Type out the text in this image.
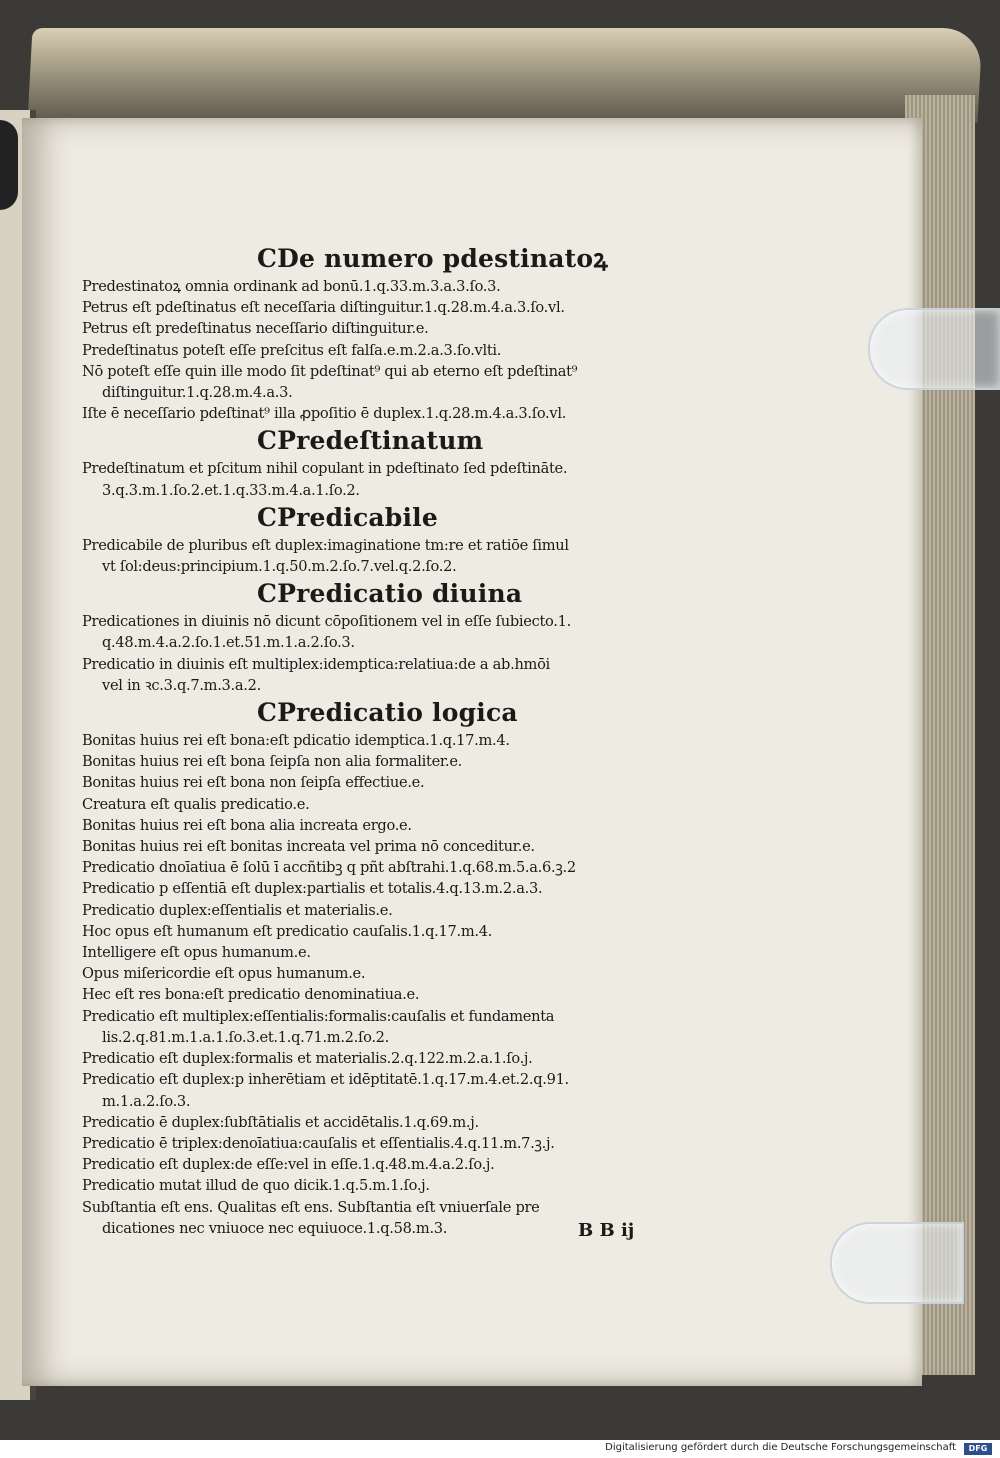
CDe numero pdestinatoꝝ
Predestinatoꝝ omnia ordinank ad bonū.1.q.33.m.3.a.3.ſo.3.
Petrus eſt pdeſtinatus eſt neceſſaria diſtinguitur.1.q.28.m.4.a.3.ſo.vl.
Petrus eſt predeſtinatus neceſſario diſtinguitur.e.
Predeſtinatus poteſt eſſe preſcitus eſt falſa.e.m.2.a.3.ſo.vlti.
Nō poteſt eſſe quin ille modo ſit pdeſtinat⁹ qui ab eterno eſt pdeſtinat⁹
diſtinguitur.1.q.28.m.4.a.3.
Iſte ē neceſſario pdeſtinat⁹ illa ꝓpoſitio ē duplex.1.q.28.m.4.a.3.ſo.vl.
CPredeſtinatum
Predeſtinatum et pſcitum nihil copulant in pdeſtinato ſed pdeſtināte.
3.q.3.m.1.ſo.2.et.1.q.33.m.4.a.1.ſo.2.
CPredicabile
Predicabile de pluribus eſt duplex:imaginatione tm:re et ratiōe ſimul
vt ſol:deus:principium.1.q.50.m.2.ſo.7.vel.q.2.ſo.2.
CPredicatio diuina
Predicationes in diuinis nō dicunt cōpoſitionem vel in eſſe ſubiecto.1.
q.48.m.4.a.2.ſo.1.et.51.m.1.a.2.ſo.3.
Predicatio in diuinis eſt multiplex:idemptica:relatiua:de a ab.hmōi
vel in ꝛc.3.q.7.m.3.a.2.
CPredicatio logica
Bonitas huius rei eſt bona:eſt pdicatio idemptica.1.q.17.m.4.
Bonitas huius rei eſt bona ſeipſa non alia formaliter.e.
Bonitas huius rei eſt bona non ſeipſa effectiue.e.
Creatura eſt qualis predicatio.e.
Bonitas huius rei eſt bona alia increata ergo.e.
Bonitas huius rei eſt bonitas increata vel prima nō conceditur.e.
Predicatio dnoīatiua ē ſolū ī accñtibꝫ q pñt abſtrahi.1.q.68.m.5.a.6.ꝫ.2
Predicatio p eſſentiā eſt duplex:partialis et totalis.4.q.13.m.2.a.3.
Predicatio duplex:eſſentialis et materialis.e.
Hoc opus eſt humanum eſt predicatio cauſalis.1.q.17.m.4.
Intelligere eſt opus humanum.e.
Opus miſericordie eſt opus humanum.e.
Hec eſt res bona:eſt predicatio denominatiua.e.
Predicatio eſt multiplex:eſſentialis:formalis:cauſalis et fundamenta
lis.2.q.81.m.1.a.1.ſo.3.et.1.q.71.m.2.ſo.2.
Predicatio eſt duplex:formalis et materialis.2.q.122.m.2.a.1.ſo.j.
Predicatio eſt duplex:p inherētiam et idēptitatē.1.q.17.m.4.et.2.q.91.
m.1.a.2.ſo.3.
Predicatio ē duplex:ſubſtātialis et accidētalis.1.q.69.m.j.
Predicatio ē triplex:denoīatiua:cauſalis et eſſentialis.4.q.11.m.7.ꝫ.j.
Predicatio eſt duplex:de eſſe:vel in eſſe.1.q.48.m.4.a.2.ſo.j.
Predicatio mutat illud de quo dicik.1.q.5.m.1.ſo.j.
Subſtantia eſt ens. Qualitas eſt ens. Subſtantia eſt vniuerſale pre
dicationes nec vniuoce nec equiuoce.1.q.58.m.3.	B B ij
Digitalisierung gefördert durch die Deutsche Forschungsgemeinschaft	DFG
